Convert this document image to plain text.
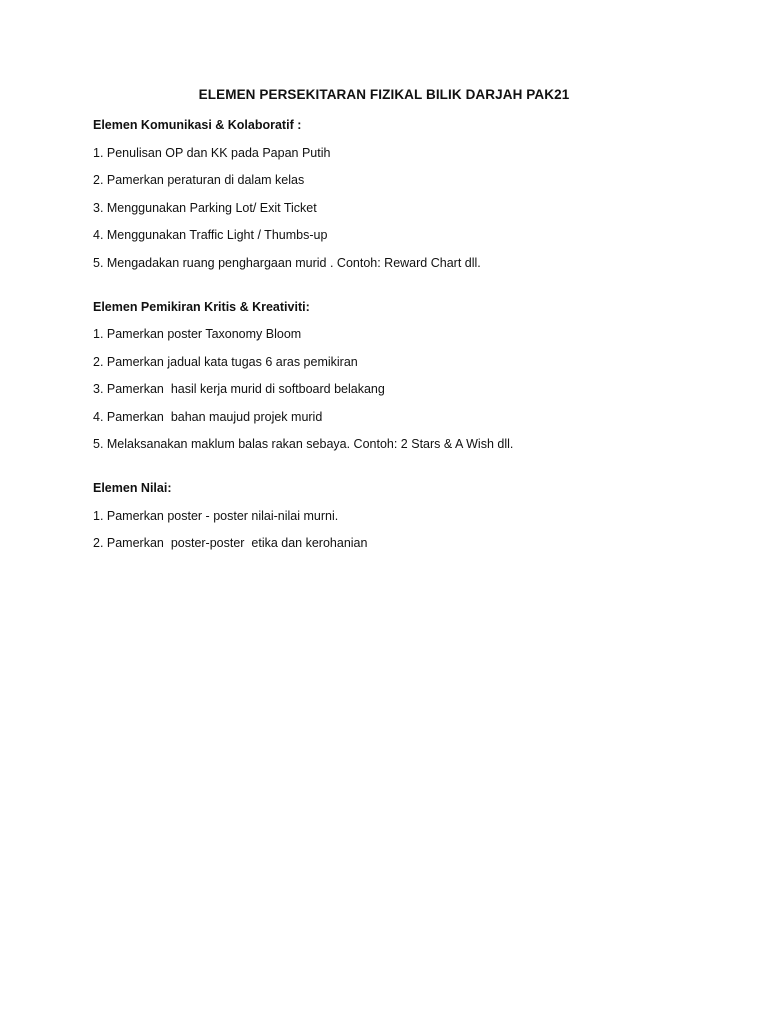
ELEMEN PERSEKITARAN FIZIKAL BILIK DARJAH PAK21
Elemen Komunikasi & Kolaboratif :
1. Penulisan OP dan KK pada Papan Putih
2. Pamerkan peraturan di dalam kelas
3. Menggunakan Parking Lot/ Exit Ticket
4. Menggunakan Traffic Light / Thumbs-up
5. Mengadakan ruang penghargaan murid . Contoh: Reward Chart dll.
Elemen Pemikiran Kritis & Kreativiti:
1. Pamerkan poster Taxonomy Bloom
2. Pamerkan jadual kata tugas 6 aras pemikiran
3. Pamerkan  hasil kerja murid di softboard belakang
4. Pamerkan  bahan maujud projek murid
5. Melaksanakan maklum balas rakan sebaya. Contoh: 2 Stars & A Wish dll.
Elemen Nilai:
1. Pamerkan poster - poster nilai-nilai murni.
2. Pamerkan  poster-poster  etika dan kerohanian
